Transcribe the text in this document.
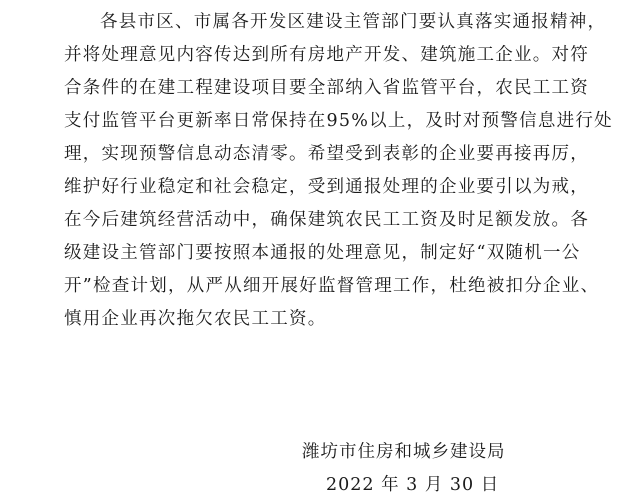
各县市区、市属各开发区建设主管部门要认真落实通报精神，
并将处理意见内容传达到所有房地产开发、建筑施工企业。对符
合条件的在建工程建设项目要全部纳入省监管平台，农民工工资
支付监管平台更新率日常保持在95%以上，及时对预警信息进行处
理，实现预警信息动态清零。希望受到表彰的企业要再接再厉，
维护好行业稳定和社会稳定，受到通报处理的企业要引以为戒，
在今后建筑经营活动中，确保建筑农民工工资及时足额发放。各
级建设主管部门要按照本通报的处理意见，制定好“双随机一公
开”检查计划，从严从细开展好监督管理工作，杜绝被扣分企业、
慎用企业再次拖欠农民工工资。
潍坊市住房和城乡建设局
2022 年 3 月 30 日
